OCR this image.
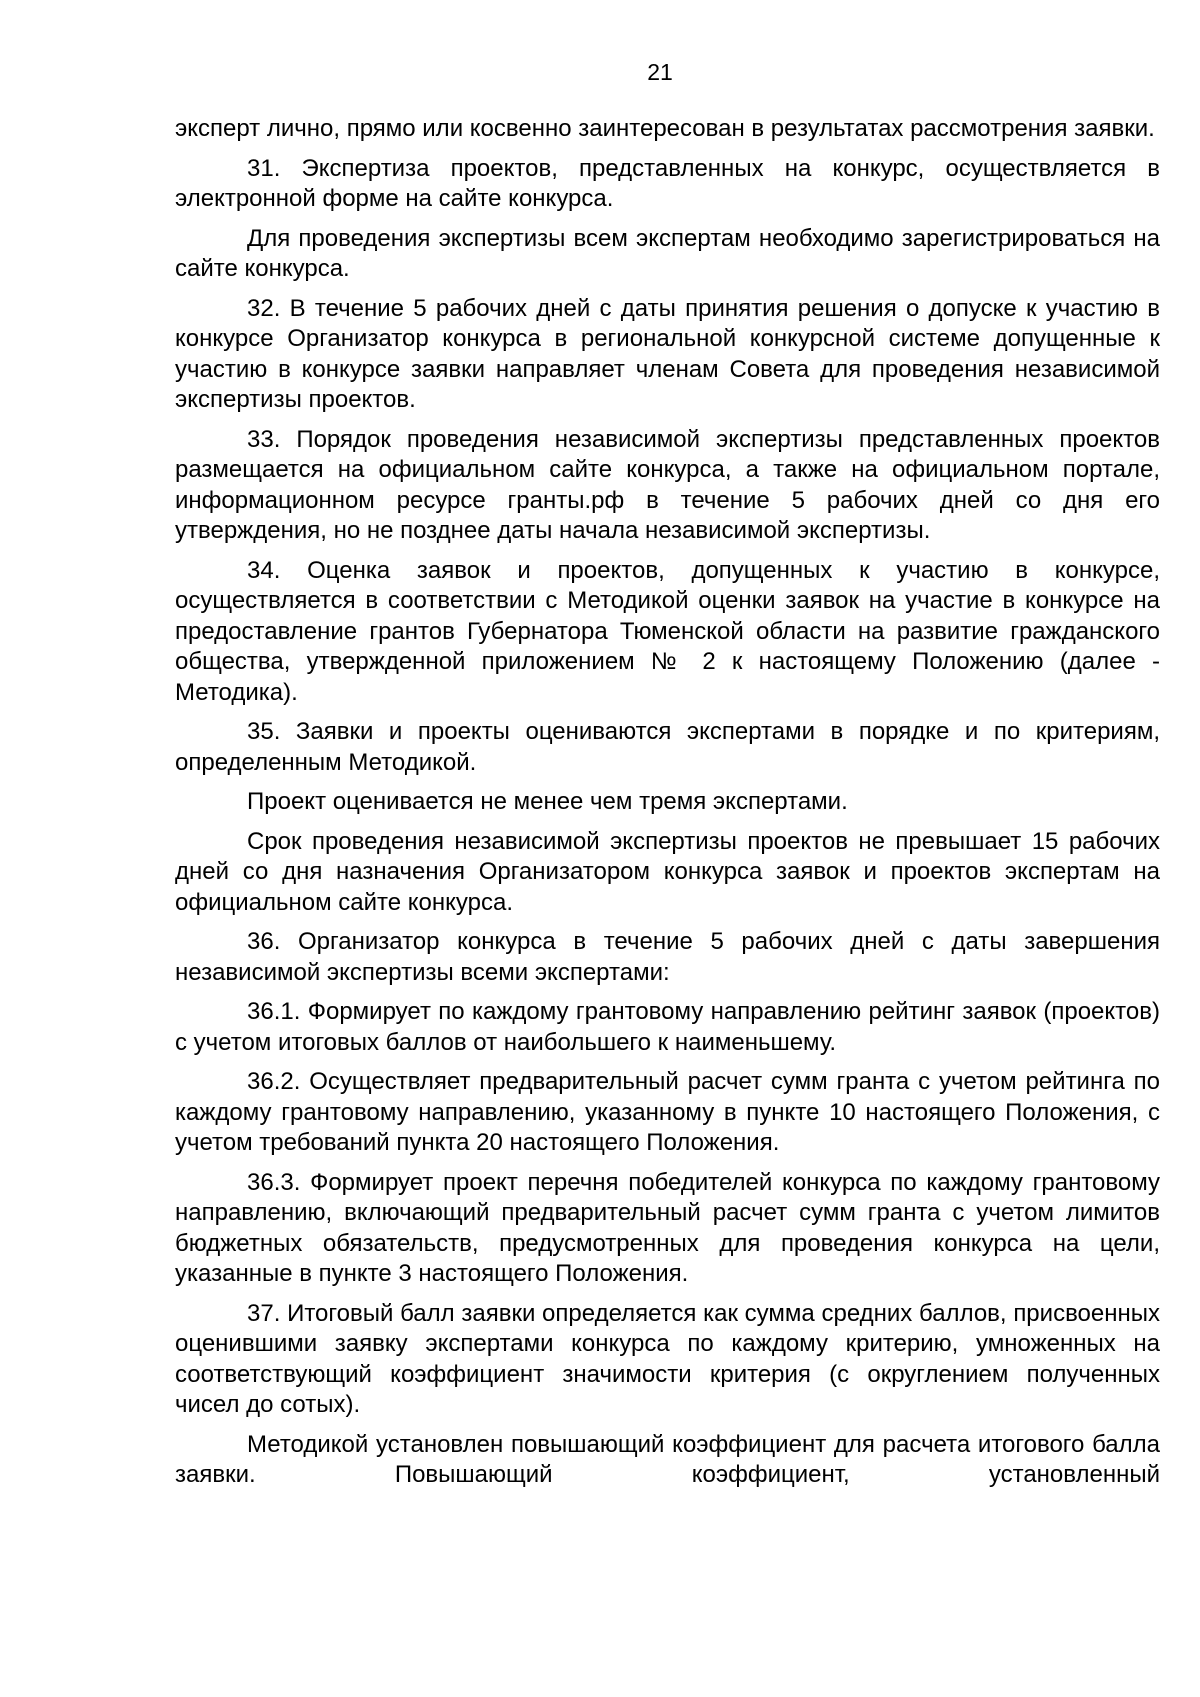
21

эксперт лично, прямо или косвенно заинтересован в результатах рассмотрения заявки.

31. Экспертиза проектов, представленных на конкурс, осуществляется в электронной форме на сайте конкурса.

Для проведения экспертизы всем экспертам необходимо зарегистрироваться на сайте конкурса.

32. В течение 5 рабочих дней с даты принятия решения о допуске к участию в конкурсе Организатор конкурса в региональной конкурсной системе допущенные к участию в конкурсе заявки направляет членам Совета для проведения независимой экспертизы проектов.

33. Порядок проведения независимой экспертизы представленных проектов размещается на официальном сайте конкурса, а также на официальном портале, информационном ресурсе гранты.рф в течение 5 рабочих дней со дня его утверждения, но не позднее даты начала независимой экспертизы.

34. Оценка заявок и проектов, допущенных к участию в конкурсе, осуществляется в соответствии с Методикой оценки заявок на участие в конкурсе на предоставление грантов Губернатора Тюменской области на развитие гражданского общества, утвержденной приложением № 2 к настоящему Положению (далее - Методика).

35. Заявки и проекты оцениваются экспертами в порядке и по критериям, определенным Методикой.

Проект оценивается не менее чем тремя экспертами.

Срок проведения независимой экспертизы проектов не превышает 15 рабочих дней со дня назначения Организатором конкурса заявок и проектов экспертам на официальном сайте конкурса.

36. Организатор конкурса в течение 5 рабочих дней с даты завершения независимой экспертизы всеми экспертами:

36.1. Формирует по каждому грантовому направлению рейтинг заявок (проектов) с учетом итоговых баллов от наибольшего к наименьшему.

36.2. Осуществляет предварительный расчет сумм гранта с учетом рейтинга по каждому грантовому направлению, указанному в пункте 10 настоящего Положения, с учетом требований пункта 20 настоящего Положения.

36.3. Формирует проект перечня победителей конкурса по каждому грантовому направлению, включающий предварительный расчет сумм гранта с учетом лимитов бюджетных обязательств, предусмотренных для проведения конкурса на цели, указанные в пункте 3 настоящего Положения.

37. Итоговый балл заявки определяется как сумма средних баллов, присвоенных оценившими заявку экспертами конкурса по каждому критерию, умноженных на соответствующий коэффициент значимости критерия (с округлением полученных чисел до сотых).

Методикой установлен повышающий коэффициент для расчета итогового балла заявки. Повышающий коэффициент, установленный
